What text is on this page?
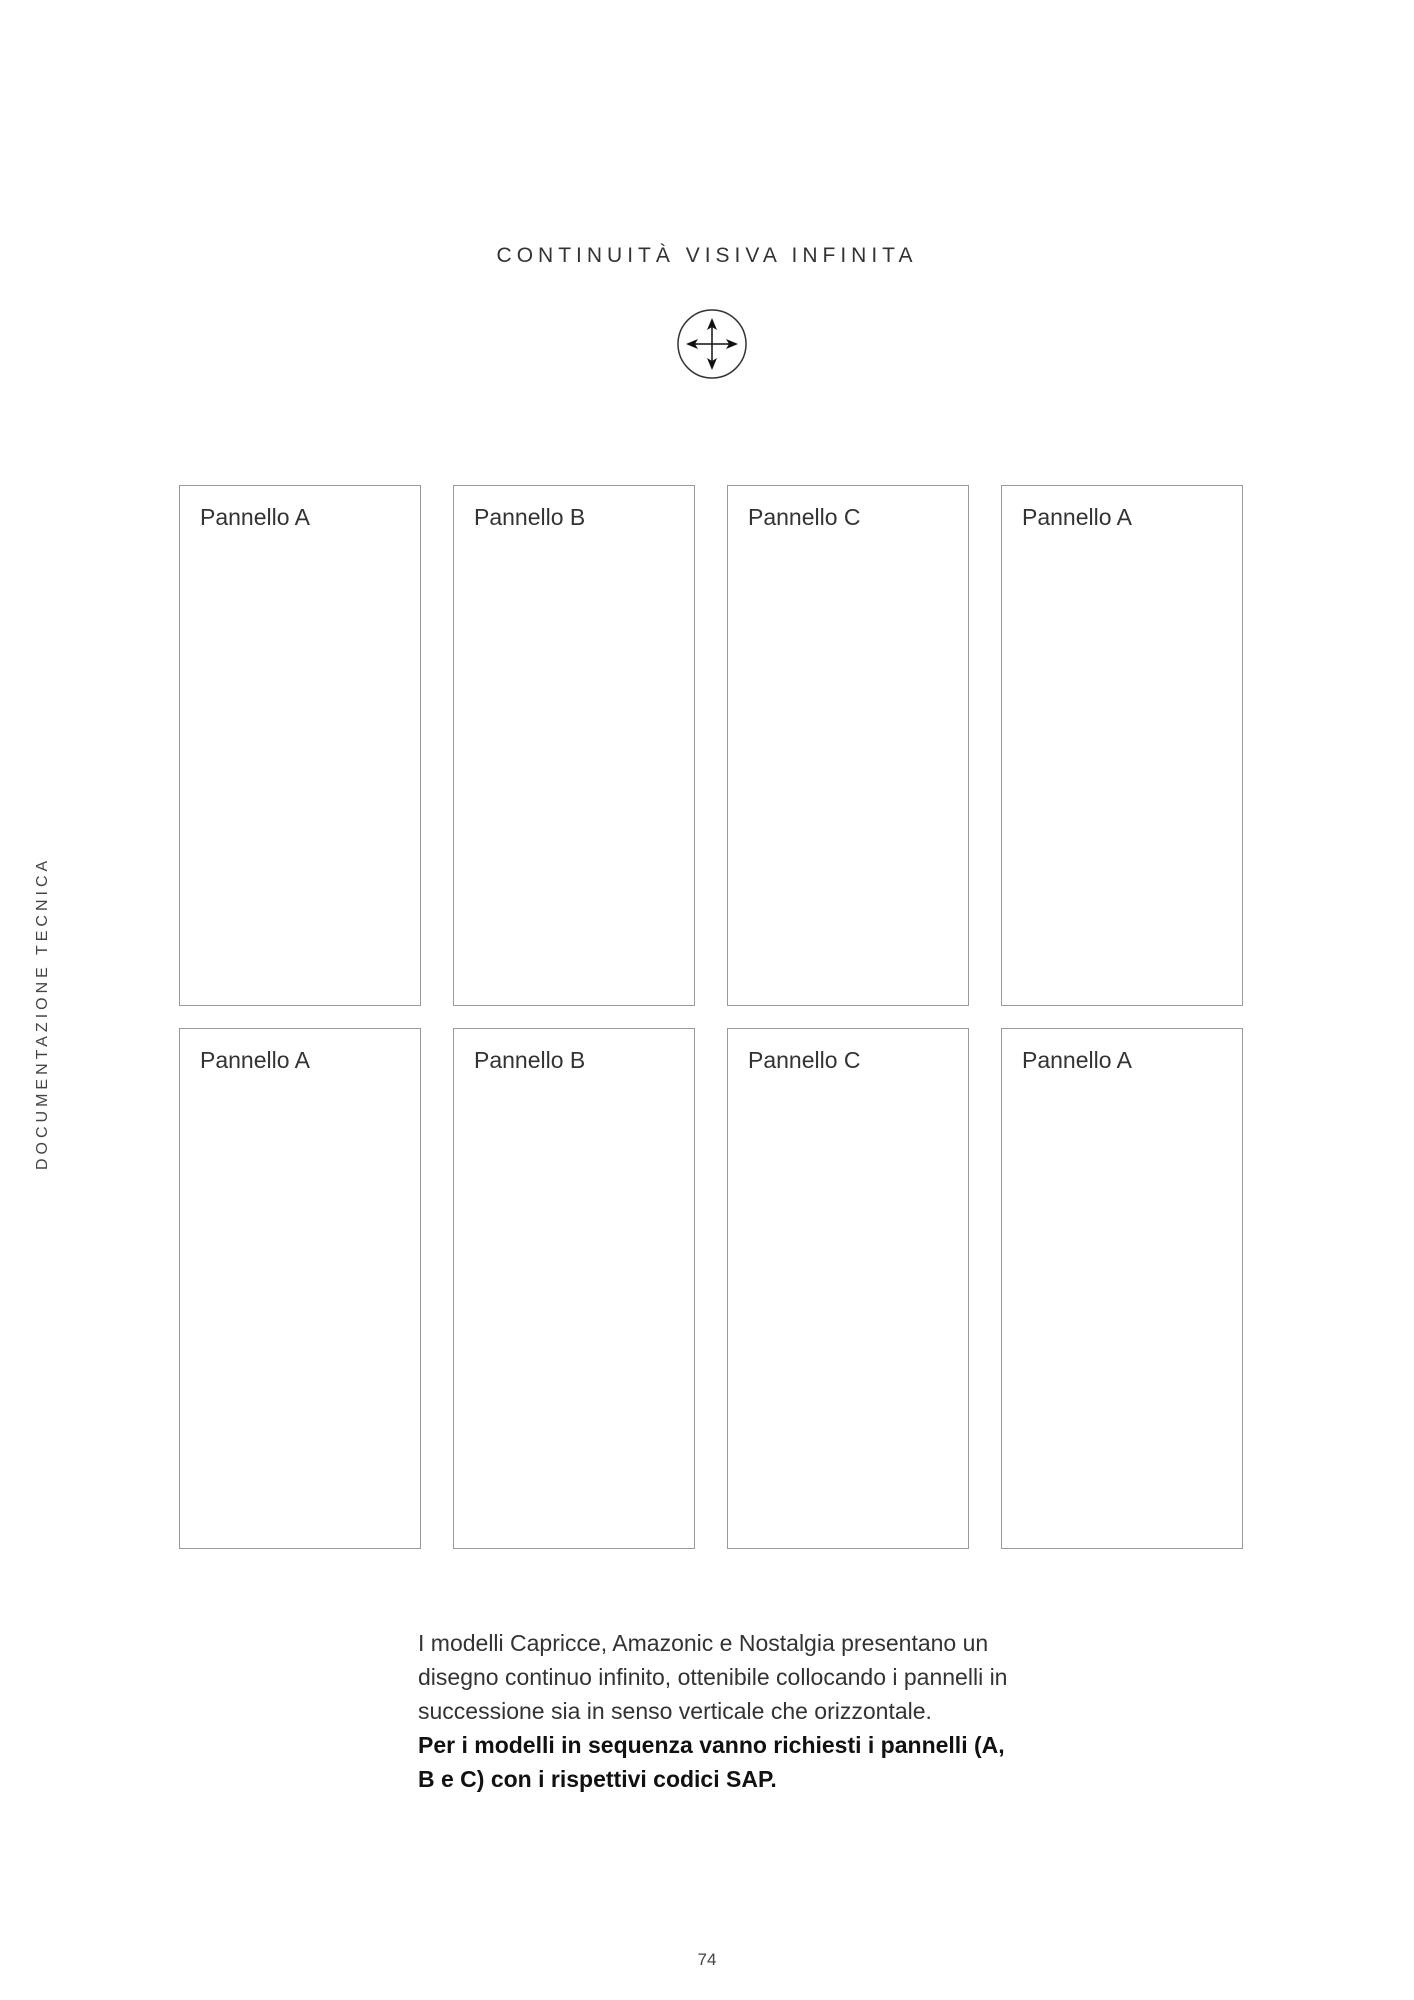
DOCUMENTAZIONE TECNICA
CONTINUITÀ VISIVA INFINITA
Pannello A	Pannello B	Pannello C	Pannello A
Pannello A	Pannello B	Pannello C	Pannello A
I modelli Capricce, Amazonic e Nostalgia presentano un disegno continuo infinito, ottenibile collocando i pannelli in successione sia in senso verticale che orizzontale.
Per i modelli in sequenza vanno richiesti i pannelli (A, B e C) con i rispettivi codici SAP.
74
